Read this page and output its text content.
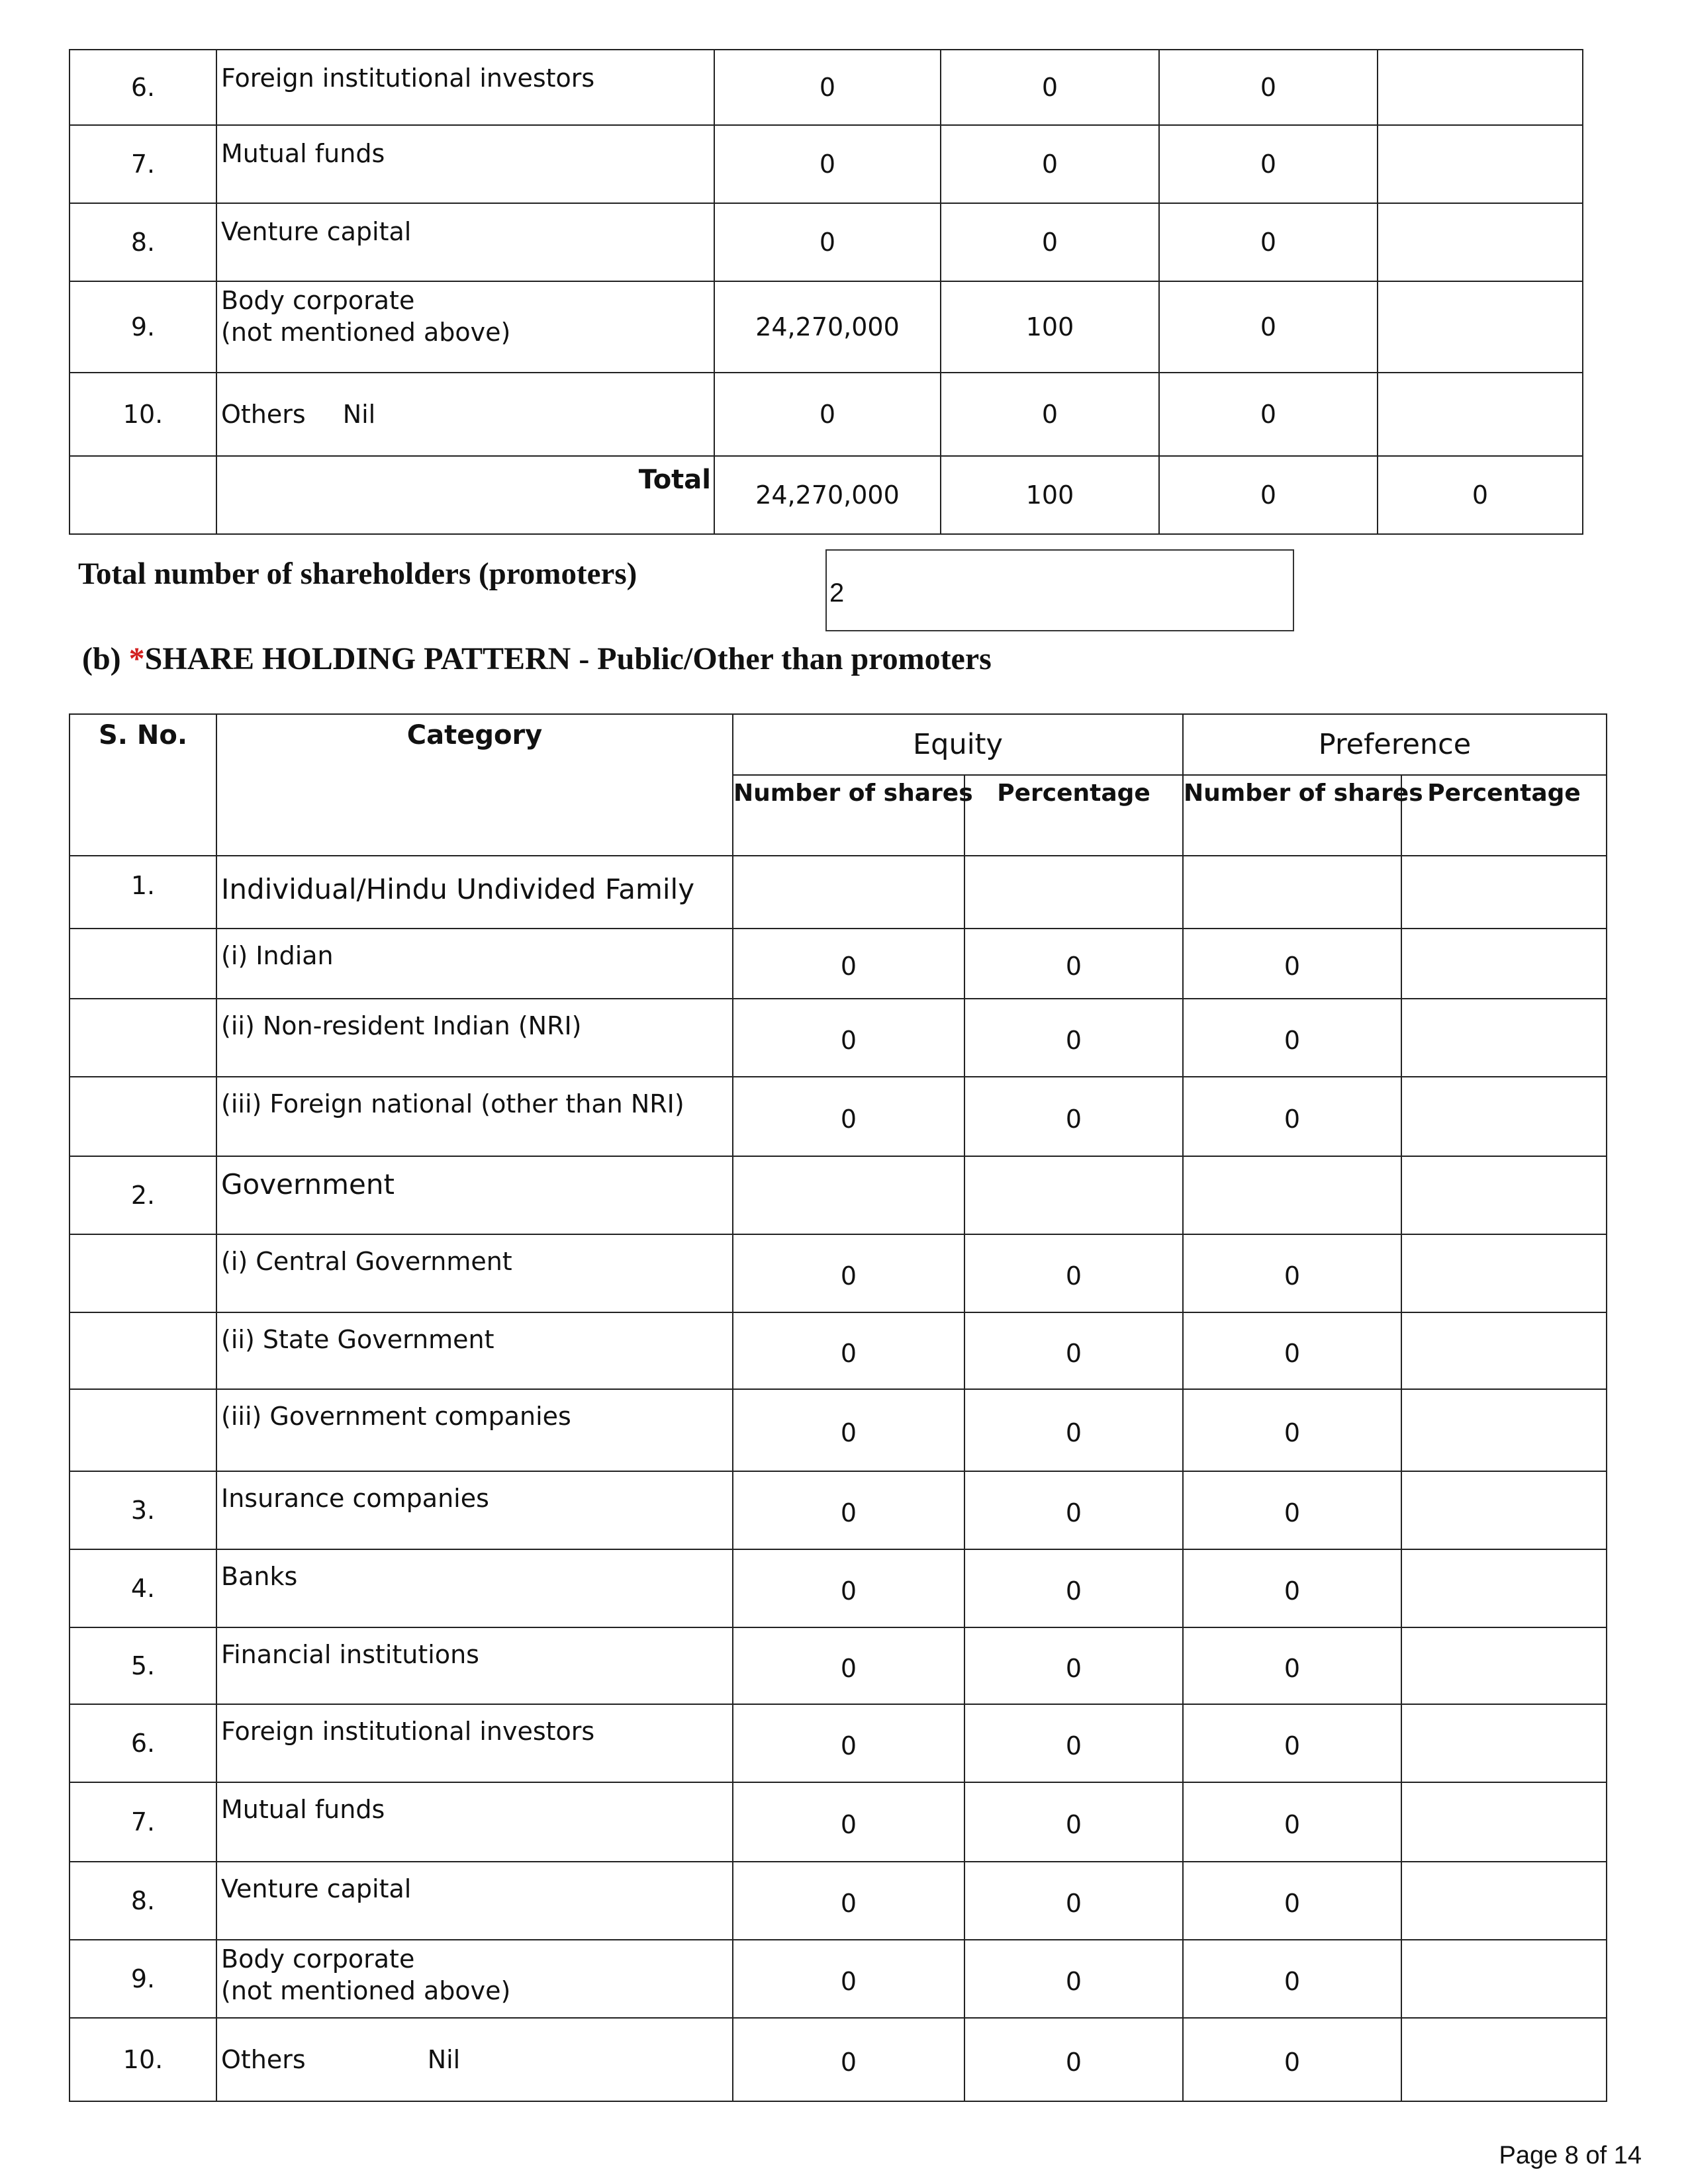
6.	Foreign institutional investors	0	0	0	
7.	Mutual funds	0	0	0	
8.	Venture capital	0	0	0	
9.	Body corporate
(not mentioned above)	24,270,000	100	0	
10.	Others Nil	0	0	0	
	Total	24,270,000	100	0	0
Total number of shareholders (promoters)
2
(b) *SHARE HOLDING PATTERN - Public/Other than promoters
S. No.	Category	Equity		Preference	
		Number of shares	Percentage	Number of shares	Percentage
1.	Individual/Hindu Undivided Family				
	(i) Indian	0	0	0	
	(ii) Non-resident Indian (NRI)	0	0	0	
	(iii) Foreign national (other than NRI)	0	0	0	
2.	Government				
	(i) Central Government	0	0	0	
	(ii) State Government	0	0	0	
	(iii) Government companies	0	0	0	
3.	Insurance companies	0	0	0	
4.	Banks	0	0	0	
5.	Financial institutions	0	0	0	
6.	Foreign institutional investors	0	0	0	
7.	Mutual funds	0	0	0	
8.	Venture capital	0	0	0	
9.	Body corporate
(not mentioned above)	0	0	0	
10.	Others Nil	0	0	0	
Page 8 of 14
